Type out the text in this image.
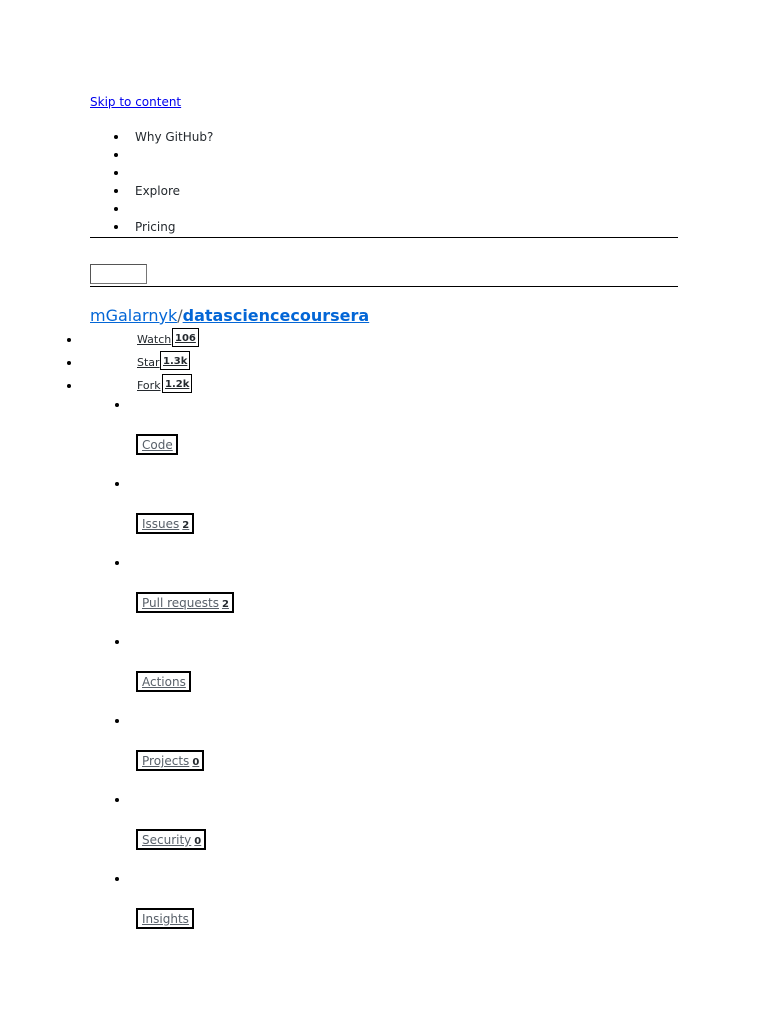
Skip to content
Why GitHub?
Explore
Pricing
mGalarnyk/datasciencecoursera
Watch 106
Star 1.3k
Fork 1.2k
Code
Issues 2
Pull requests 2
Actions
Projects 0
Security 0
Insights
